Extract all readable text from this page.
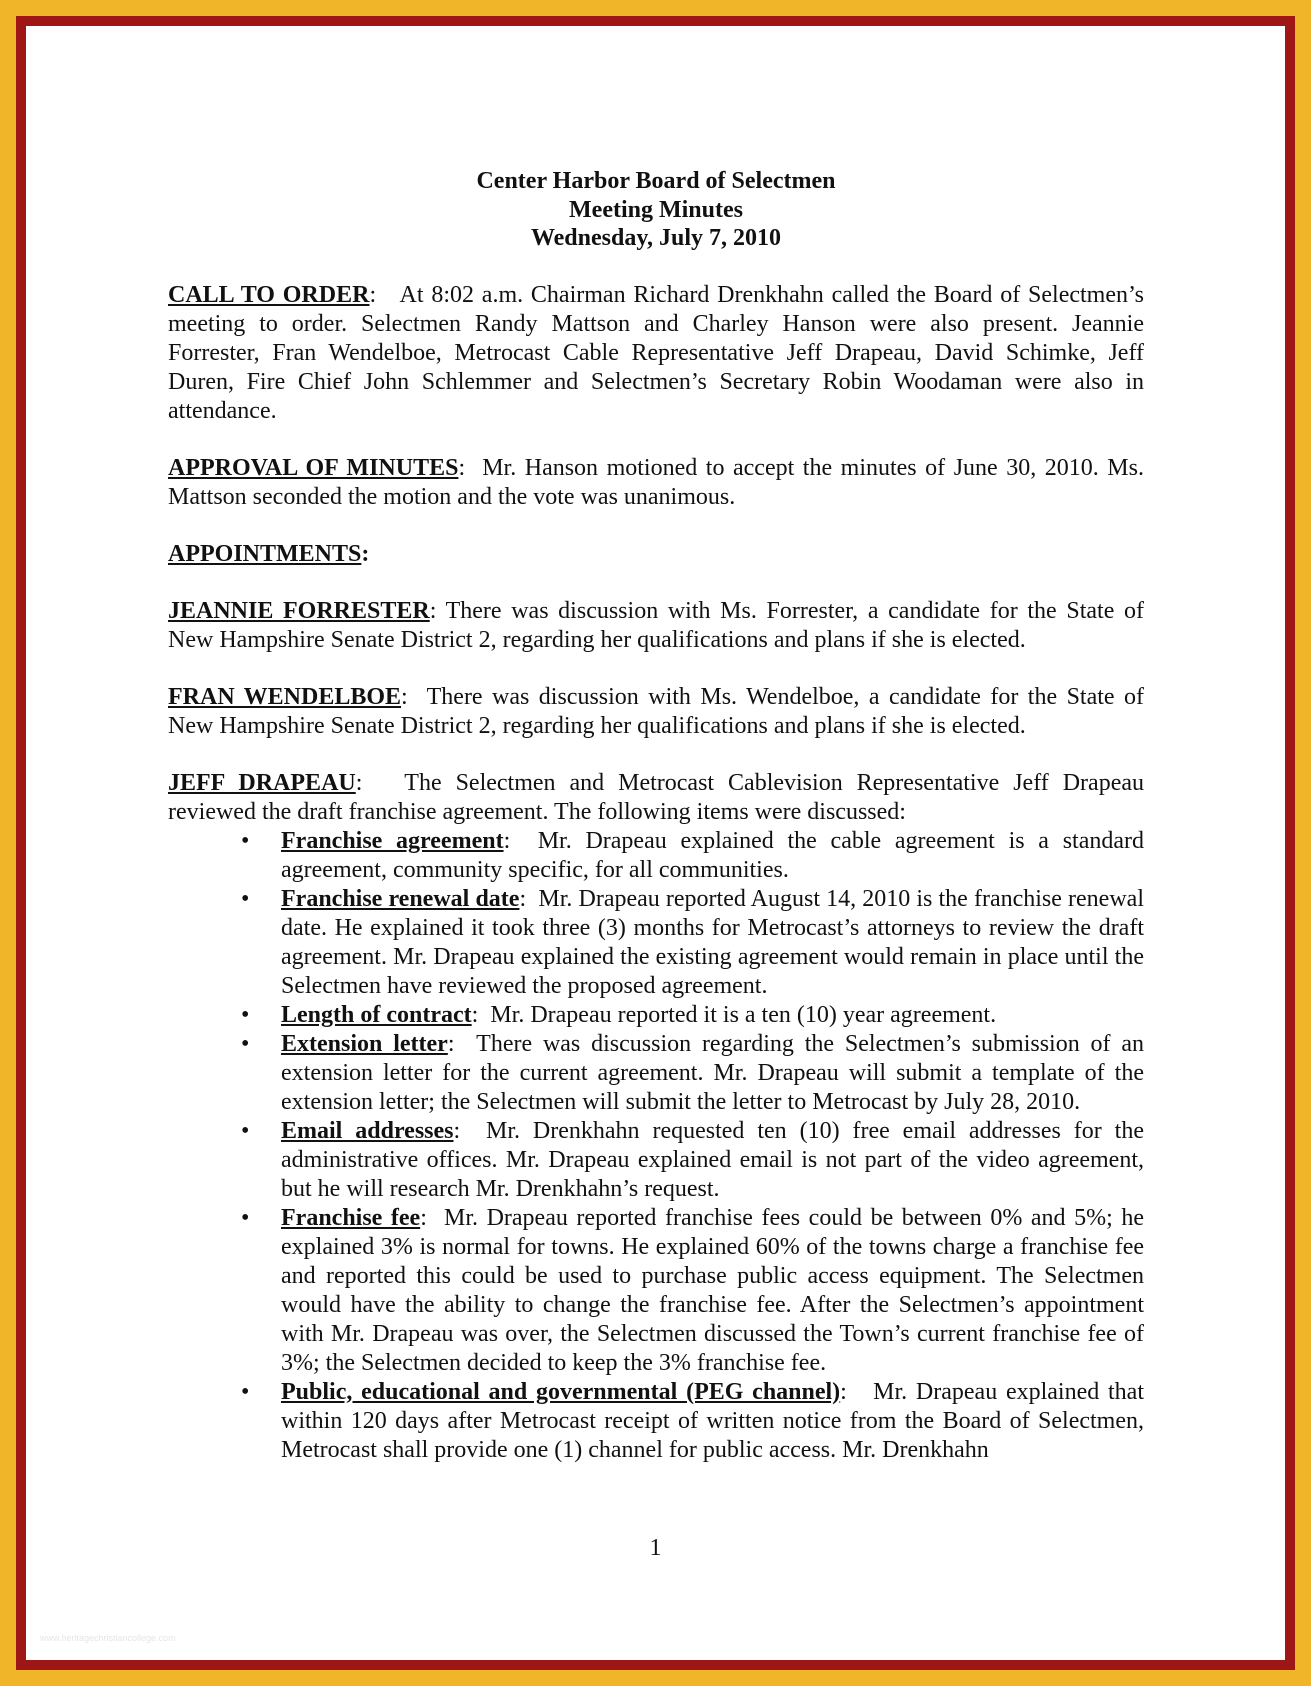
Center Harbor Board of Selectmen
Meeting Minutes
Wednesday, July 7, 2010

CALL TO ORDER:   At 8:02 a.m. Chairman Richard Drenkhahn called the Board of Selectmen’s meeting to order. Selectmen Randy Mattson and Charley Hanson were also present. Jeannie Forrester, Fran Wendelboe, Metrocast Cable Representative Jeff Drapeau, David Schimke, Jeff Duren, Fire Chief John Schlemmer and Selectmen’s Secretary Robin Woodaman were also in attendance.

APPROVAL OF MINUTES:  Mr. Hanson motioned to accept the minutes of June 30, 2010. Ms. Mattson seconded the motion and the vote was unanimous.

APPOINTMENTS:

JEANNIE FORRESTER: There was discussion with Ms. Forrester, a candidate for the State of New Hampshire Senate District 2, regarding her qualifications and plans if she is elected.

FRAN WENDELBOE:  There was discussion with Ms. Wendelboe, a candidate for the State of New Hampshire Senate District 2, regarding her qualifications and plans if she is elected.

JEFF DRAPEAU:   The Selectmen and Metrocast Cablevision Representative Jeff Drapeau reviewed the draft franchise agreement. The following items were discussed:

• Franchise agreement:  Mr. Drapeau explained the cable agreement is a standard agreement, community specific, for all communities.
• Franchise renewal date:  Mr. Drapeau reported August 14, 2010 is the franchise renewal date. He explained it took three (3) months for Metrocast’s attorneys to review the draft agreement. Mr. Drapeau explained the existing agreement would remain in place until the Selectmen have reviewed the proposed agreement.
• Length of contract:  Mr. Drapeau reported it is a ten (10) year agreement.
• Extension letter:  There was discussion regarding the Selectmen’s submission of an extension letter for the current agreement. Mr. Drapeau will submit a template of the extension letter; the Selectmen will submit the letter to Metrocast by July 28, 2010.
• Email addresses:  Mr. Drenkhahn requested ten (10) free email addresses for the administrative offices. Mr. Drapeau explained email is not part of the video agreement, but he will research Mr. Drenkhahn’s request.
• Franchise fee:  Mr. Drapeau reported franchise fees could be between 0% and 5%; he explained 3% is normal for towns. He explained 60% of the towns charge a franchise fee and reported this could be used to purchase public access equipment. The Selectmen would have the ability to change the franchise fee. After the Selectmen’s appointment with Mr. Drapeau was over, the Selectmen discussed the Town’s current franchise fee of 3%; the Selectmen decided to keep the 3% franchise fee.
• Public, educational and governmental (PEG channel):   Mr. Drapeau explained that within 120 days after Metrocast receipt of written notice from the Board of Selectmen, Metrocast shall provide one (1) channel for public access. Mr. Drenkhahn
1
www.heritagechristiancollege.com
